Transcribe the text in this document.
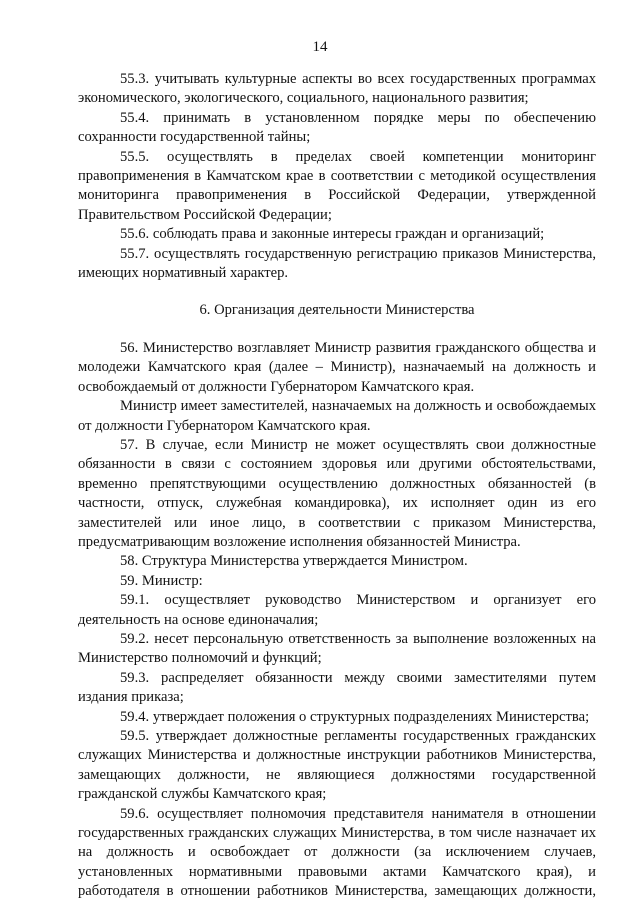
14

55.3. учитывать культурные аспекты во всех государственных программах экономического, экологического, социального, национального развития;

55.4. принимать в установленном порядке меры по обеспечению сохранности государственной тайны;

55.5. осуществлять в пределах своей компетенции мониторинг правоприменения в Камчатском крае в соответствии с методикой осуществления мониторинга правоприменения в Российской Федерации, утвержденной Правительством Российской Федерации;

55.6. соблюдать права и законные интересы граждан и организаций;

55.7. осуществлять государственную регистрацию приказов Министерства, имеющих нормативный характер.

6. Организация деятельности Министерства

56. Министерство возглавляет Министр развития гражданского общества и молодежи Камчатского края (далее – Министр), назначаемый на должность и освобождаемый от должности Губернатором Камчатского края.

Министр имеет заместителей, назначаемых на должность и освобождаемых от должности Губернатором Камчатского края.

57. В случае, если Министр не может осуществлять свои должностные обязанности в связи с состоянием здоровья или другими обстоятельствами, временно препятствующими осуществлению должностных обязанностей (в частности, отпуск, служебная командировка), их исполняет один из его заместителей или иное лицо, в соответствии с приказом Министерства, предусматривающим возложение исполнения обязанностей Министра.

58. Структура Министерства утверждается Министром.

59. Министр:

59.1. осуществляет руководство Министерством и организует его деятельность на основе единоначалия;

59.2. несет персональную ответственность за выполнение возложенных на Министерство полномочий и функций;

59.3. распределяет обязанности между своими заместителями путем издания приказа;

59.4. утверждает положения о структурных подразделениях Министерства;

59.5. утверждает должностные регламенты государственных гражданских служащих Министерства и должностные инструкции работников Министерства, замещающих должности, не являющиеся должностями государственной гражданской службы Камчатского края;

59.6. осуществляет полномочия представителя нанимателя в отношении государственных гражданских служащих Министерства, в том числе назначает их на должность и освобождает от должности (за исключением случаев, установленных нормативными правовыми актами Камчатского края), и работодателя в отношении работников Министерства, замещающих должности,
